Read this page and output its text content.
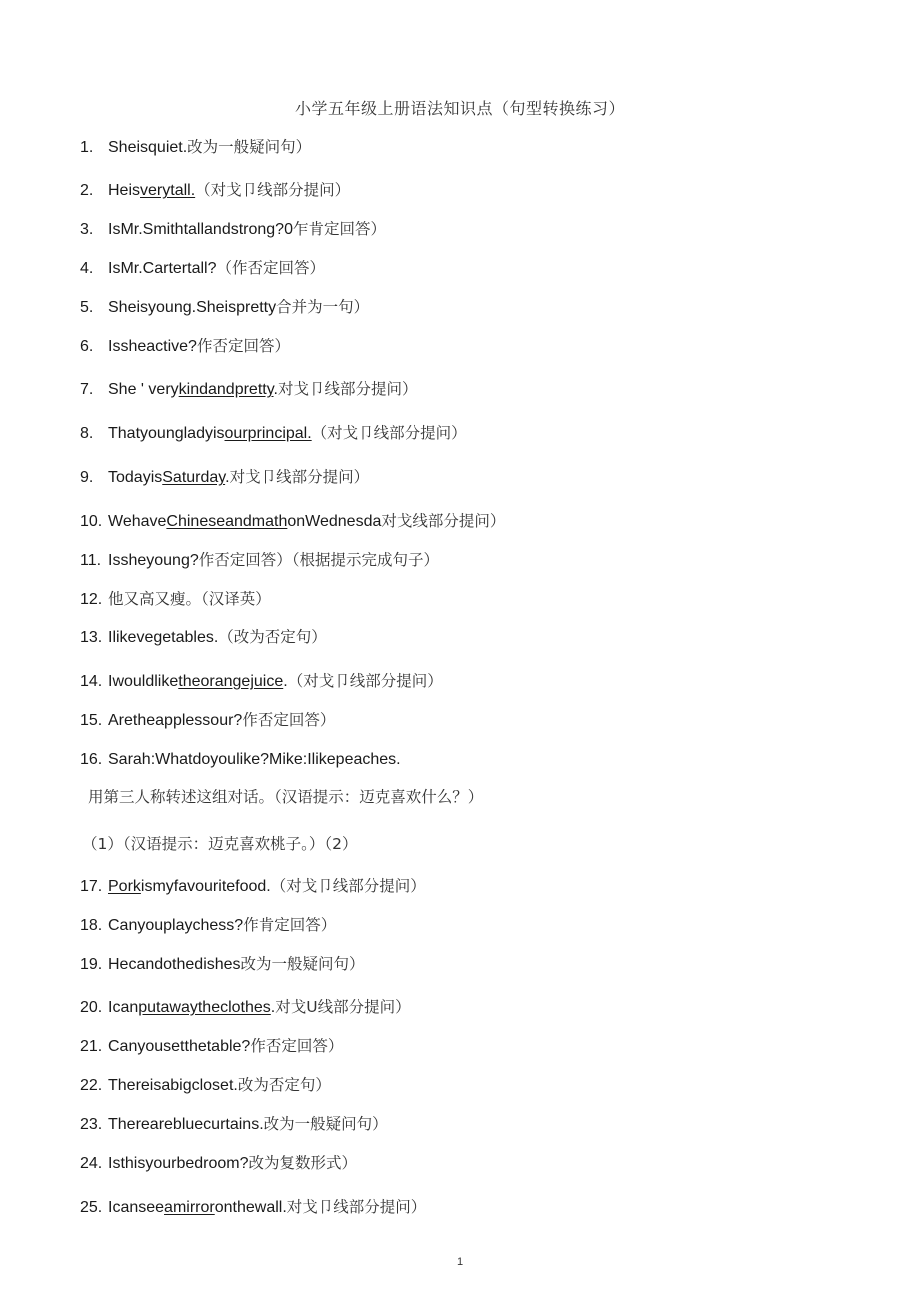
小学五年级上册语法知识点（句型转换练习）
1. Sheisquiet.改为一般疑问句）
2. Heisverytall.（对戈卩线部分提问）
3. IsMr.Smithtallandstrong?0乍肯定回答）
4. IsMr.Cartertall?（作否定回答）
5. Sheisyoung.Sheispretty合并为一句）
6. Issheactive?作否定回答）
7. She ' verykindandpretty.对戈卩线部分提问）
8. Thatyoungladyisourprincipal.（对戈卩线部分提问）
9. TodayisSaturday.对戈卩线部分提问）
10. WehaveChineseandmathonWednesda对戈线部分提问）
11. Issheyoung?作否定回答）（根据提示完成句子）
12. 他又高又瘦。（汉译英）
13. Ilikevegetables.（改为否定句）
14. Iwouldliketheorangejuice.（对戈卩线部分提问）
15. Aretheapplessour?作否定回答）
16. Sarah:Whatdoyoulike?Mike:Ilikepeaches.
用第三人称转述这组对话。（汉语提示：迈克喜欢什么？）
（1）（汉语提示：迈克喜欢桃子。）（2）
17. Porkismyfavouritefood.（对戈卩线部分提问）
18. Canyouplaychess?作肯定回答）
19. Hecandothedishes改为一般疑问句）
20. Icanputawaytheclothes.对戈U线部分提问）
21. Canyousetthetable?作否定回答）
22. Thereisabigcloset.改为否定句）
23. Therearebluecurtains.改为一般疑问句）
24. Isthisyourbedroom?改为复数形式）
25. Icanseeamirroronthewall.对戈卩线部分提问）
1
